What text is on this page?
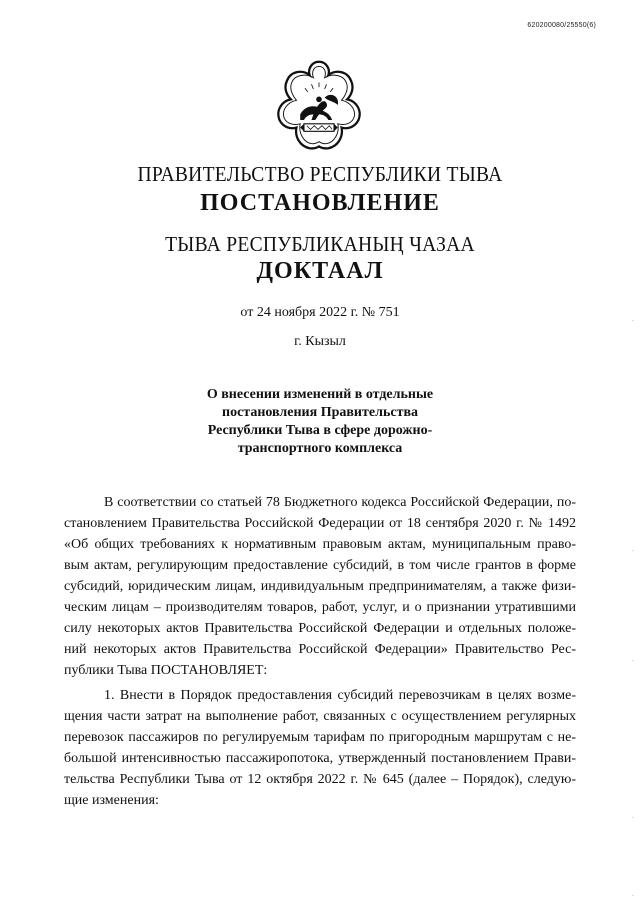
620200080/25550(6)
ПРАВИТЕЛЬСТВО РЕСПУБЛИКИ ТЫВА
ПОСТАНОВЛЕНИЕ
ТЫВА РЕСПУБЛИКАНЫҢ ЧАЗАА
ДОКТААЛ
от 24 ноября 2022 г. № 751
г. Кызыл
О внесении изменений в отдельные
постановления Правительства
Республики Тыва в сфере дорожно-
транспортного комплекса
В соответствии со статьей 78 Бюджетного кодекса Российской Федерации, по-
становлением Правительства Российской Федерации от 18 сентября 2020 г. № 1492
«Об общих требованиях к нормативным правовым актам, муниципальным право-
вым актам, регулирующим предоставление субсидий, в том числе грантов в форме
субсидий, юридическим лицам, индивидуальным предпринимателям, а также физи-
ческим лицам – производителям товаров, работ, услуг, и о признании утратившими
силу некоторых актов Правительства Российской Федерации и отдельных положе-
ний некоторых актов Правительства Российской Федерации» Правительство Рес-
публики Тыва ПОСТАНОВЛЯЕТ:
1. Внести в Порядок предоставления субсидий перевозчикам в целях возме-
щения части затрат на выполнение работ, связанных с осуществлением регулярных
перевозок пассажиров по регулируемым тарифам по пригородным маршрутам с не-
большой интенсивностью пассажиропотока, утвержденный постановлением Прави-
тельства Республики Тыва от 12 октября 2022 г. № 645 (далее – Порядок), следую-
щие изменения:
·
·
·
·
·
